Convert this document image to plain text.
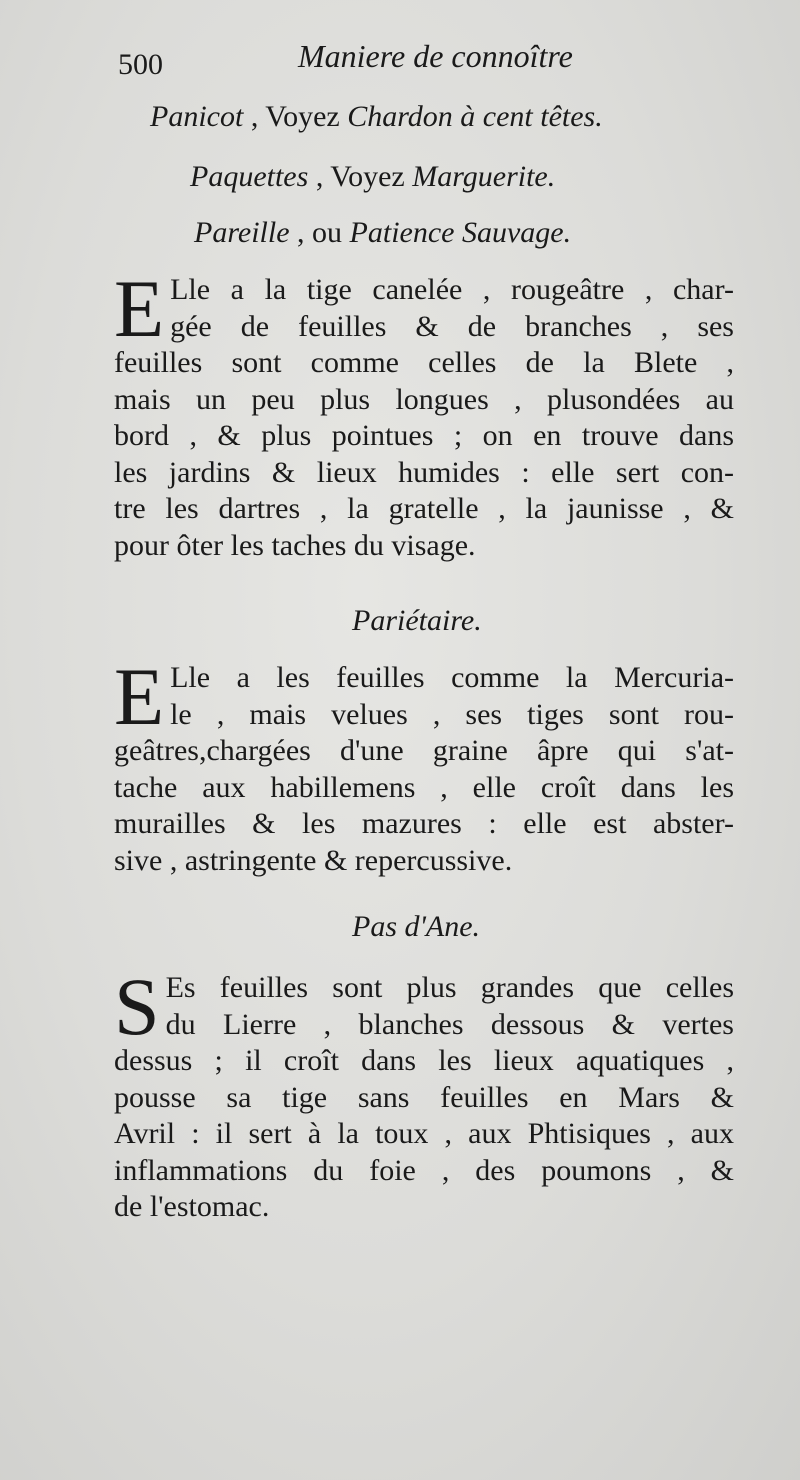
500	Maniere de connoître
Panicot , Voyez Chardon à cent têtes.
Paquettes , Voyez Marguerite.
Pareille , ou Patience Sauvage.
E Lle a la tige canelée , rougeâtre , char-
gée de feuilles & de branches , ses
feuilles sont comme celles de la Blete ,
mais un peu plus longues , plusondées au
bord , & plus pointues ; on en trouve dans
les jardins & lieux humides : elle sert con-
tre les dartres , la gratelle , la jaunisse , &
pour ôter les taches du visage.
Pariétaire.
E Lle a les feuilles comme la Mercuria-
le , mais velues , ses tiges sont rou-
geâtres,chargées d'une graine âpre qui s'at-
tache aux habillemens , elle croît dans les
murailles & les mazures : elle est abster-
sive , astringente & repercussive.
Pas d'Ane.
S Es feuilles sont plus grandes que celles
du Lierre , blanches dessous & vertes
dessus ; il croît dans les lieux aquatiques ,
pousse sa tige sans feuilles en Mars &
Avril : il sert à la toux , aux Phtisiques , aux
inflammations du foie , des poumons , &
de l'estomac.
